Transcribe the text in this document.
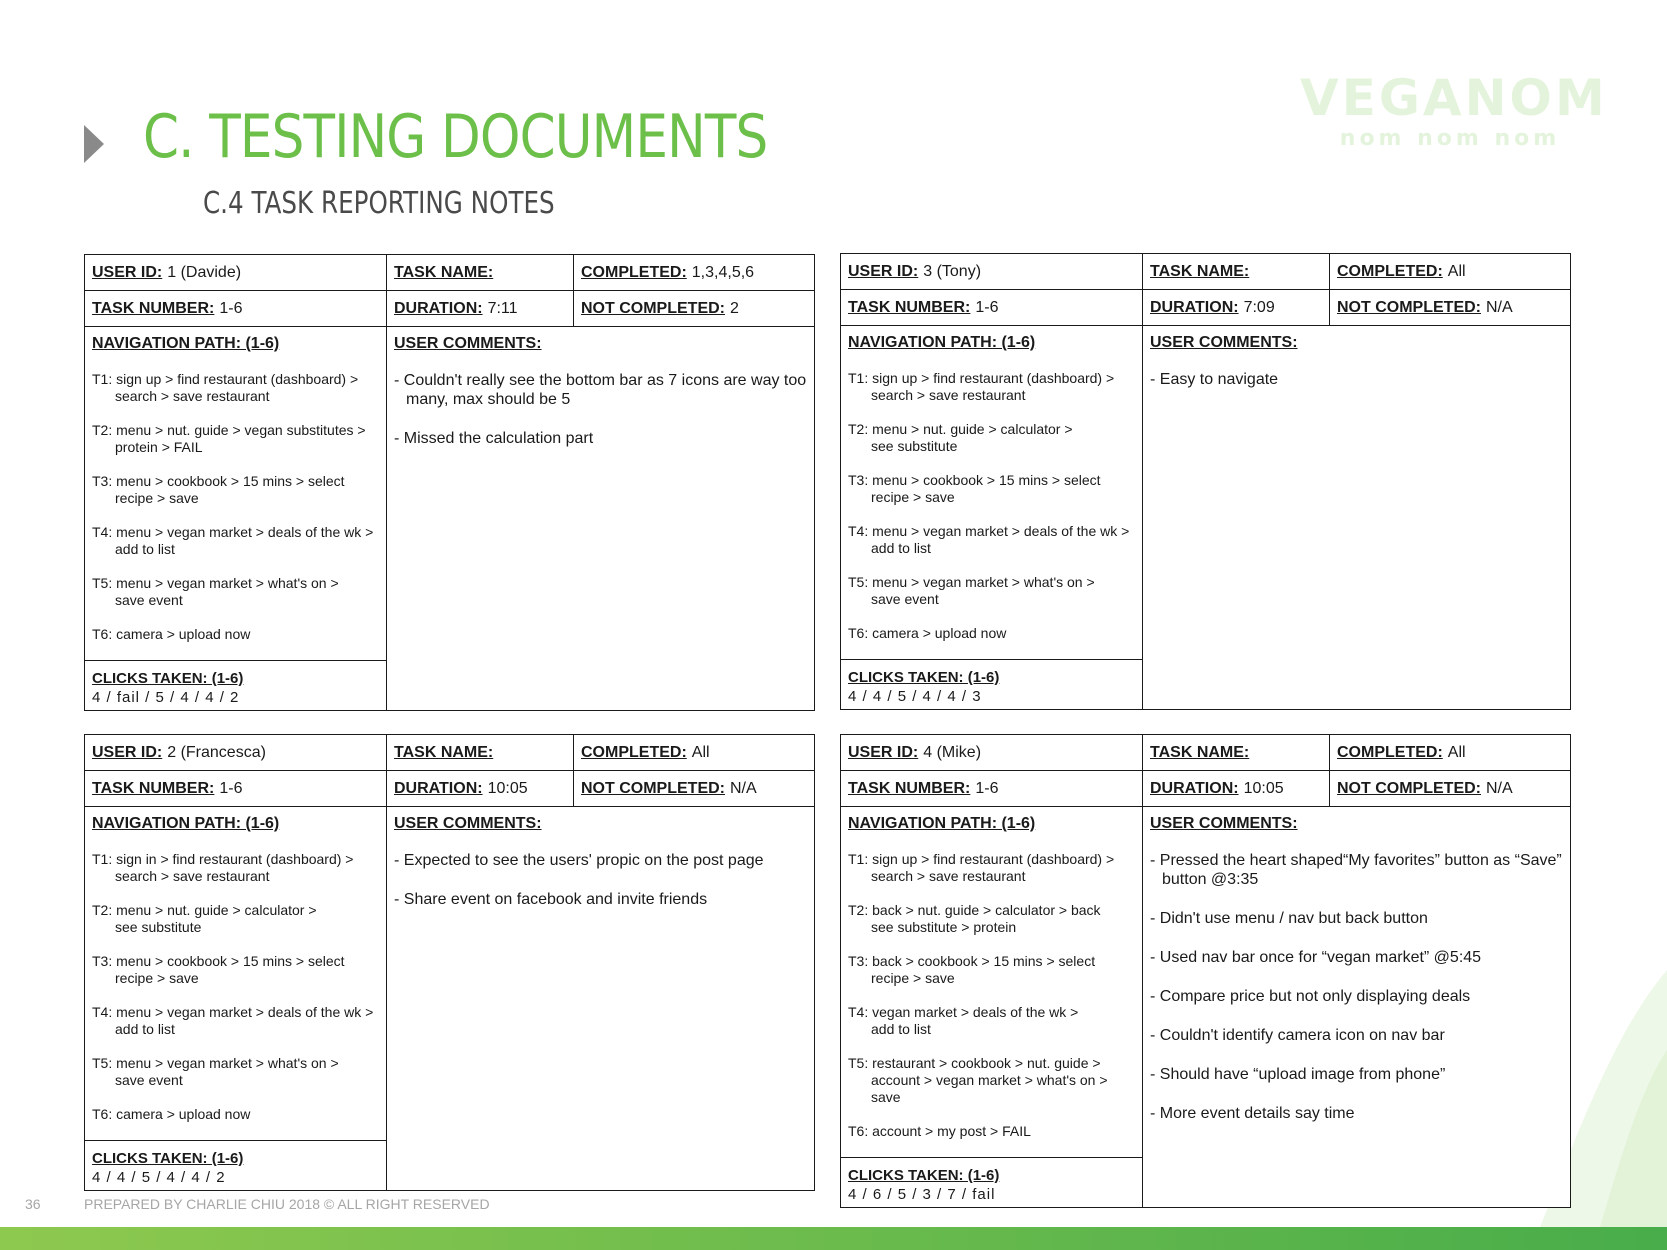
C. TESTING DOCUMENTS
C.4 TASK REPORTING NOTES
VEGANOM
nom nom nom
USER ID: 1 (Davide)	TASK NAME:	COMPLETED: 1,3,4,5,6
TASK NUMBER: 1-6	DURATION: 7:11	NOT COMPLETED: 2
NAVIGATION PATH: (1-6)
T1: sign up > find restaurant (dashboard) >
search > save restaurant
T2: menu > nut. guide > vegan substitutes >
protein > FAIL
T3: menu > cookbook > 15 mins > select
recipe > save
T4: menu > vegan market > deals of the wk >
add to list
T5: menu > vegan market > what's on >
save event
T6: camera > upload now
CLICKS TAKEN: (1-6)
4 / fail / 5 / 4 / 4 / 2
USER COMMENTS:
- Couldn't really see the bottom bar as 7 icons are way too many, max should be 5
- Missed the calculation part
USER ID: 3 (Tony)	TASK NAME:	COMPLETED: All
TASK NUMBER: 1-6	DURATION: 7:09	NOT COMPLETED: N/A
NAVIGATION PATH: (1-6)
T1: sign up > find restaurant (dashboard) >
search > save restaurant
T2: menu > nut. guide > calculator >
see substitute
T3: menu > cookbook > 15 mins > select
recipe > save
T4: menu > vegan market > deals of the wk >
add to list
T5: menu > vegan market > what's on >
save event
T6: camera > upload now
CLICKS TAKEN: (1-6)
4 / 4 / 5 / 4 / 4 / 3
USER COMMENTS:
- Easy to navigate
USER ID: 2 (Francesca)	TASK NAME:	COMPLETED: All
TASK NUMBER: 1-6	DURATION: 10:05	NOT COMPLETED: N/A
NAVIGATION PATH: (1-6)
T1: sign in > find restaurant (dashboard) >
search > save restaurant
T2: menu > nut. guide > calculator >
see substitute
T3: menu > cookbook > 15 mins > select
recipe > save
T4: menu > vegan market > deals of the wk >
add to list
T5: menu > vegan market > what's on >
save event
T6: camera > upload now
CLICKS TAKEN: (1-6)
4 / 4 / 5 / 4 / 4 / 2
USER COMMENTS:
- Expected to see the users' propic on the post page
- Share event on facebook and invite friends
USER ID: 4 (Mike)	TASK NAME:	COMPLETED: All
TASK NUMBER: 1-6	DURATION: 10:05	NOT COMPLETED: N/A
NAVIGATION PATH: (1-6)
T1: sign up > find restaurant (dashboard) >
search > save restaurant
T2: back > nut. guide > calculator > back
see substitute > protein
T3: back > cookbook > 15 mins > select
recipe > save
T4: vegan market > deals of the wk >
add to list
T5: restaurant > cookbook > nut. guide >
account > vegan market > what's on >
save
T6: account > my post > FAIL
CLICKS TAKEN: (1-6)
4 / 6 / 5 / 3 / 7 / fail
USER COMMENTS:
- Pressed the heart shaped“My favorites” button as “Save” button @3:35
- Didn't use menu / nav but back button
- Used nav bar once for “vegan market” @5:45
- Compare price but not only displaying deals
- Couldn't identify camera icon on nav bar
- Should have “upload image from phone”
- More event details say time
36	PREPARED BY CHARLIE CHIU 2018 © ALL RIGHT RESERVED
